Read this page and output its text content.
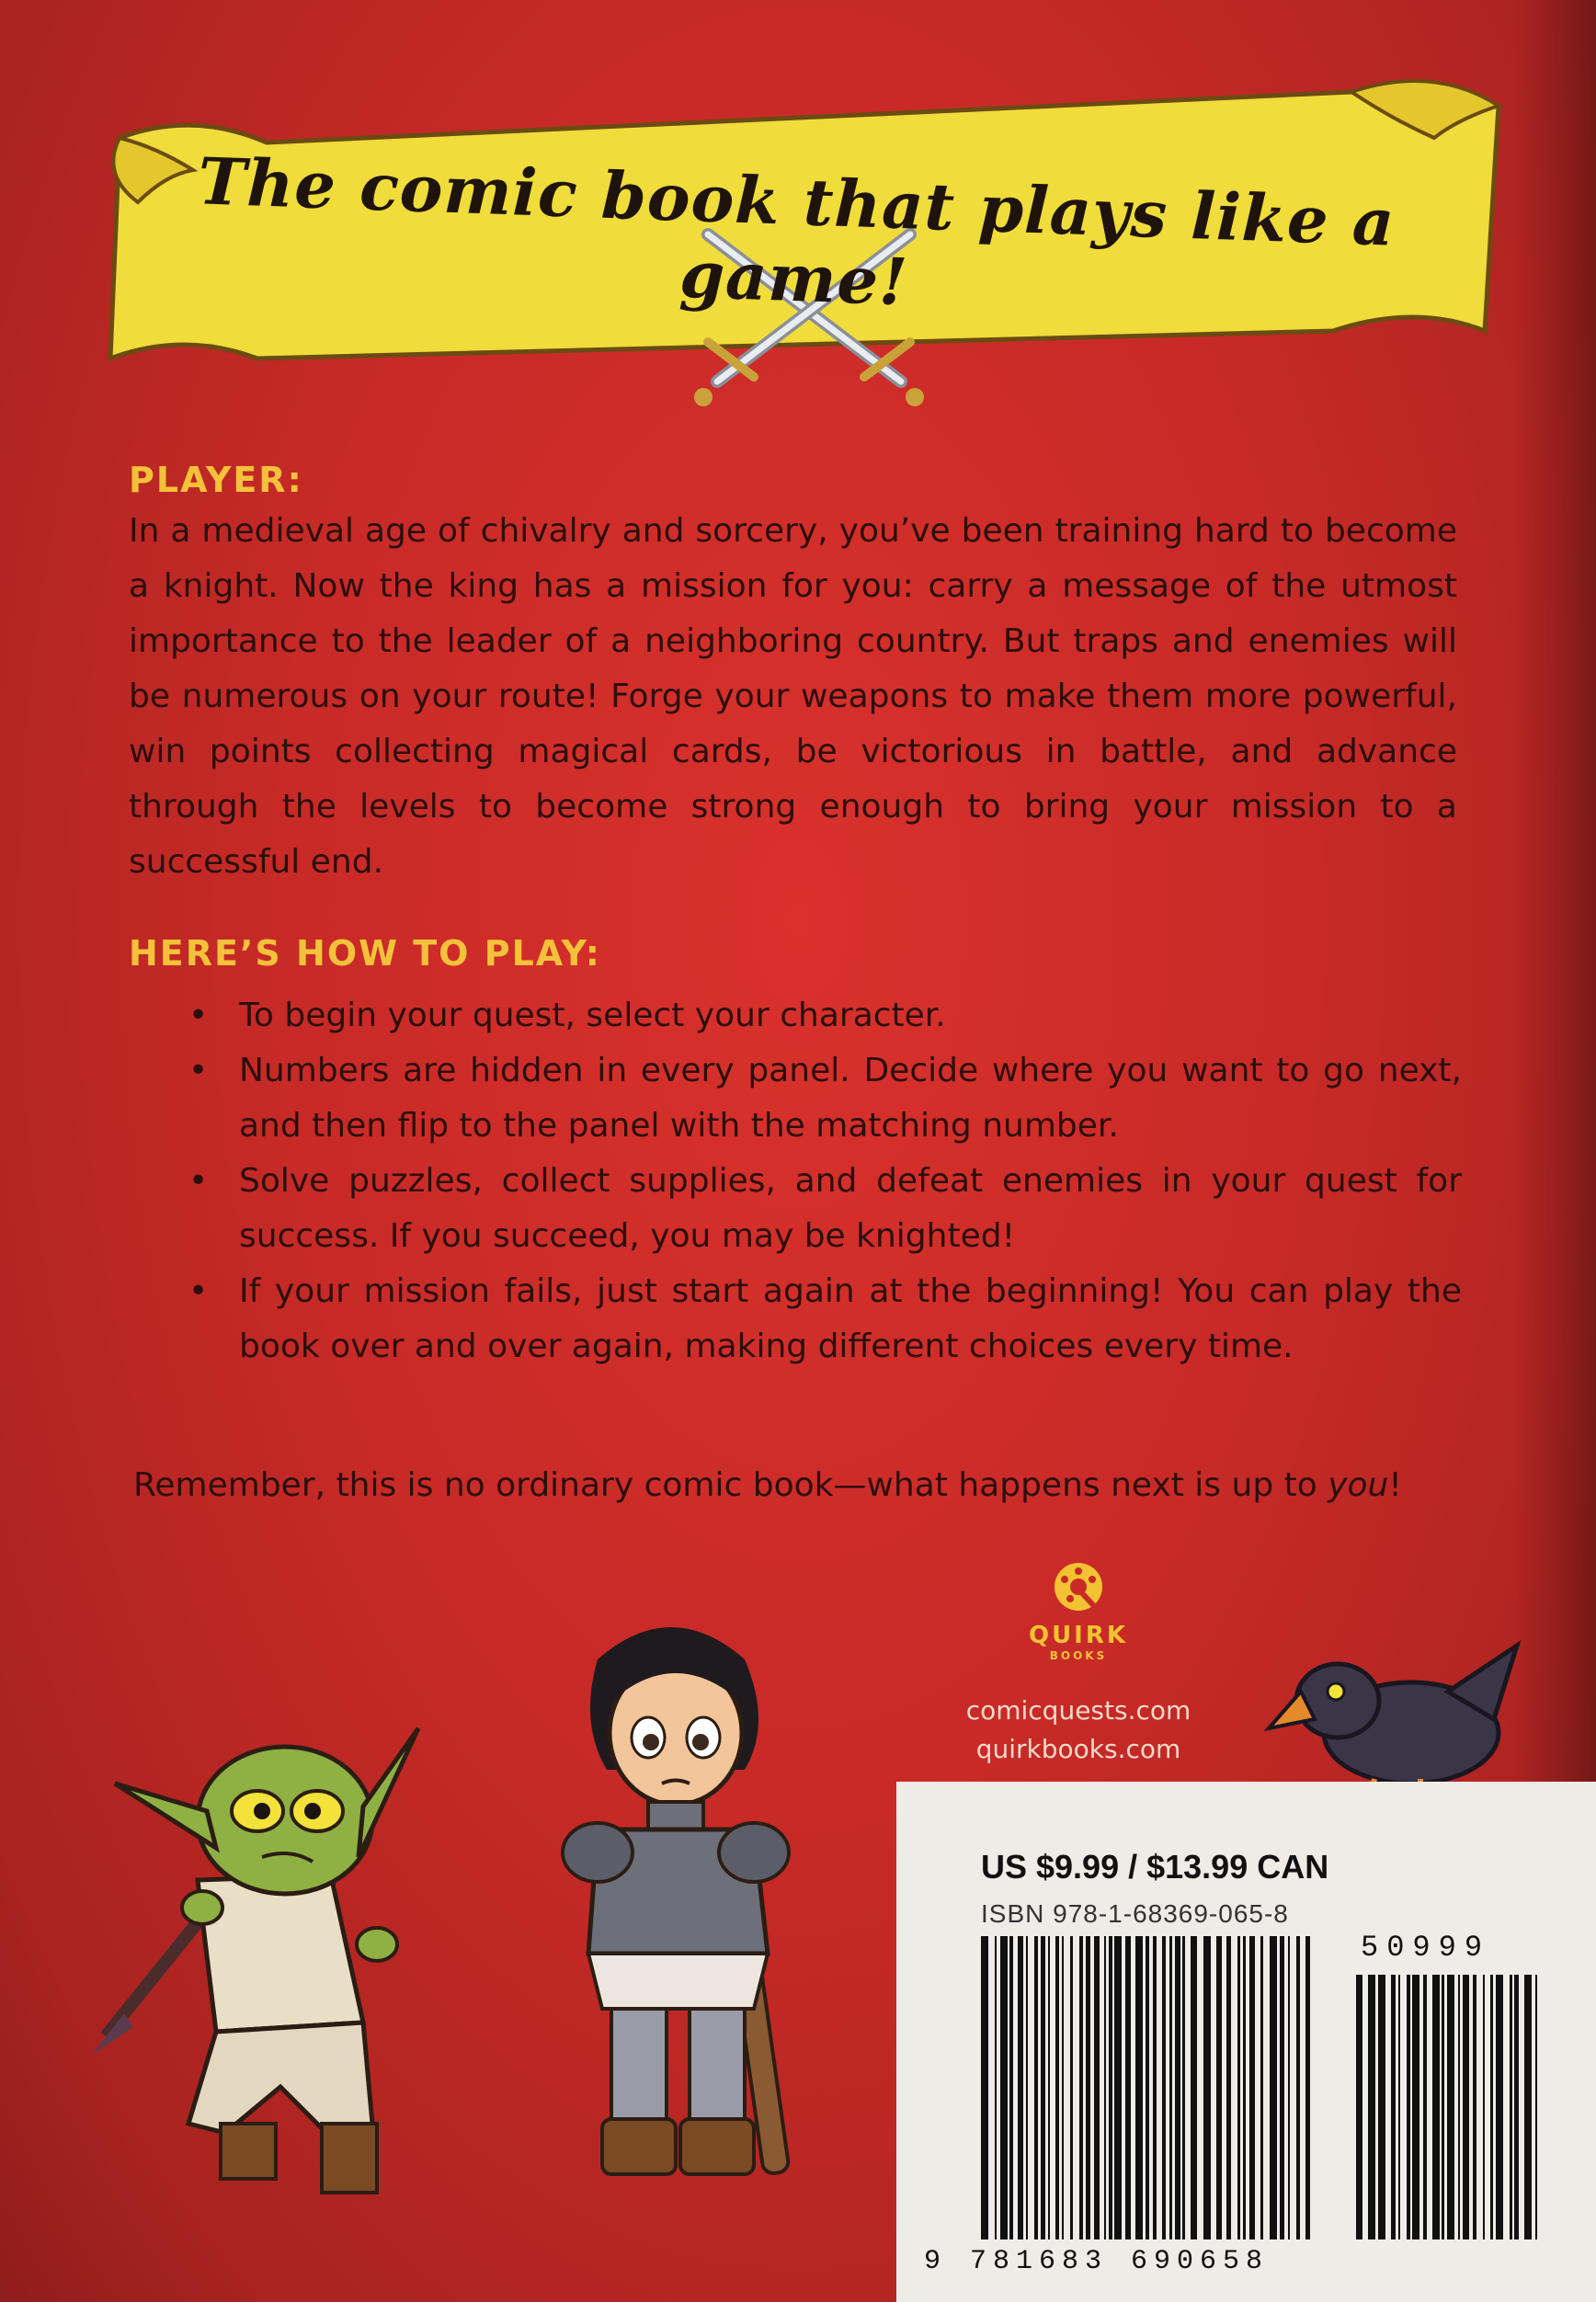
The comic book that plays like a game!
PLAYER:
In a medieval age of chivalry and sorcery, you’ve been training hard to become a knight. Now the king has a mission for you: carry a message of the utmost importance to the leader of a neighboring country. But traps and enemies will be numerous on your route! Forge your weapons to make them more powerful, win points collecting magical cards, be victorious in battle, and advance through the levels to become strong enough to bring your mission to a successful end.
HERE’S HOW TO PLAY:
• To begin your quest, select your character.
• Numbers are hidden in every panel. Decide where you want to go next, and then flip to the panel with the matching number.
• Solve puzzles, collect supplies, and defeat enemies in your quest for success. If you succeed, you may be knighted!
• If your mission fails, just start again at the beginning! You can play the book over and over again, making different choices every time.
Remember, this is no ordinary comic book—what happens next is up to you!
QUIRK
BOOKS
comicquests.com
quirkbooks.com
US $9.99 / $13.99 CAN
ISBN 978-1-68369-065-8
50999
9 781683 690658
